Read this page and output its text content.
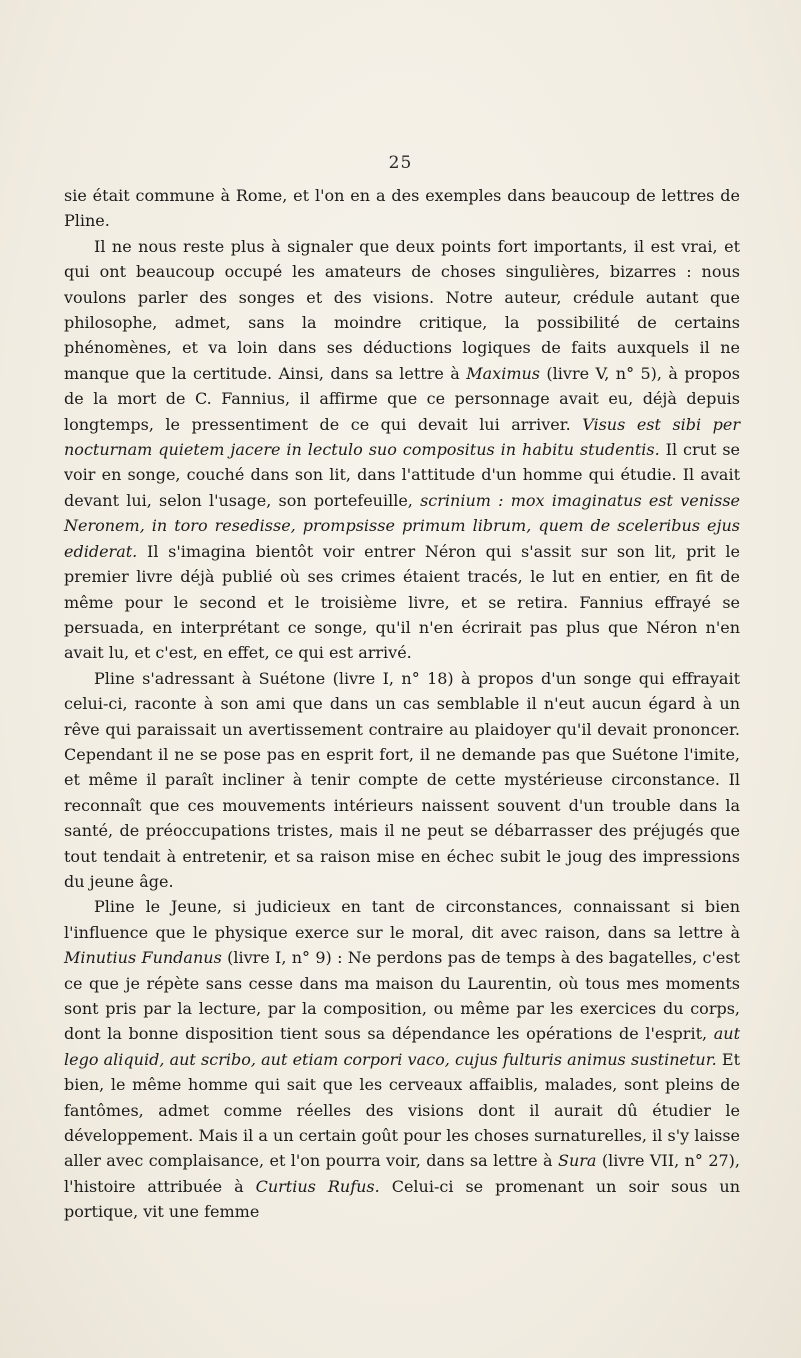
25

sie était commune à Rome, et l'on en a des exemples dans beaucoup de lettres de Pline.

Il ne nous reste plus à signaler que deux points fort importants, il est vrai, et qui ont beaucoup occupé les amateurs de choses singulières, bizarres : nous voulons parler des songes et des visions. Notre auteur, crédule autant que philosophe, admet, sans la moindre critique, la possibilité de certains phénomènes, et va loin dans ses déductions logiques de faits auxquels il ne manque que la certitude. Ainsi, dans sa lettre à Maximus (livre V, n° 5), à propos de la mort de C. Fannius, il affirme que ce personnage avait eu, déjà depuis longtemps, le pressentiment de ce qui devait lui arriver. Visus est sibi per nocturnam quietem jacere in lectulo suo compositus in habitu studentis. Il crut se voir en songe, couché dans son lit, dans l'attitude d'un homme qui étudie. Il avait devant lui, selon l'usage, son portefeuille, scrinium : mox imaginatus est venisse Neronem, in toro resedisse, prompsisse primum librum, quem de sceleribus ejus ediderat. Il s'imagina bientôt voir entrer Néron qui s'assit sur son lit, prit le premier livre déjà publié où ses crimes étaient tracés, le lut en entier, en fit de même pour le second et le troisième livre, et se retira. Fannius effrayé se persuada, en interprétant ce songe, qu'il n'en écrirait pas plus que Néron n'en avait lu, et c'est, en effet, ce qui est arrivé.

Pline s'adressant à Suétone (livre I, n° 18) à propos d'un songe qui effrayait celui-ci, raconte à son ami que dans un cas semblable il n'eut aucun égard à un rêve qui paraissait un avertissement contraire au plaidoyer qu'il devait prononcer. Cependant il ne se pose pas en esprit fort, il ne demande pas que Suétone l'imite, et même il paraît incliner à tenir compte de cette mystérieuse circonstance. Il reconnaît que ces mouvements intérieurs naissent souvent d'un trouble dans la santé, de préoccupations tristes, mais il ne peut se débarrasser des préjugés que tout tendait à entretenir, et sa raison mise en échec subit le joug des impressions du jeune âge.

Pline le Jeune, si judicieux en tant de circonstances, connaissant si bien l'influence que le physique exerce sur le moral, dit avec raison, dans sa lettre à Minutius Fundanus (livre I, n° 9) : Ne perdons pas de temps à des bagatelles, c'est ce que je répète sans cesse dans ma maison du Laurentin, où tous mes moments sont pris par la lecture, par la composition, ou même par les exercices du corps, dont la bonne disposition tient sous sa dépendance les opérations de l'esprit, aut lego aliquid, aut scribo, aut etiam corpori vaco, cujus fulturis animus sustinetur. Et bien, le même homme qui sait que les cerveaux affaiblis, malades, sont pleins de fantômes, admet comme réelles des visions dont il aurait dû étudier le développement. Mais il a un certain goût pour les choses surnaturelles, il s'y laisse aller avec complaisance, et l'on pourra voir, dans sa lettre à Sura (livre VII, n° 27), l'histoire attribuée à Curtius Rufus. Celui-ci se promenant un soir sous un portique, vit une femme
